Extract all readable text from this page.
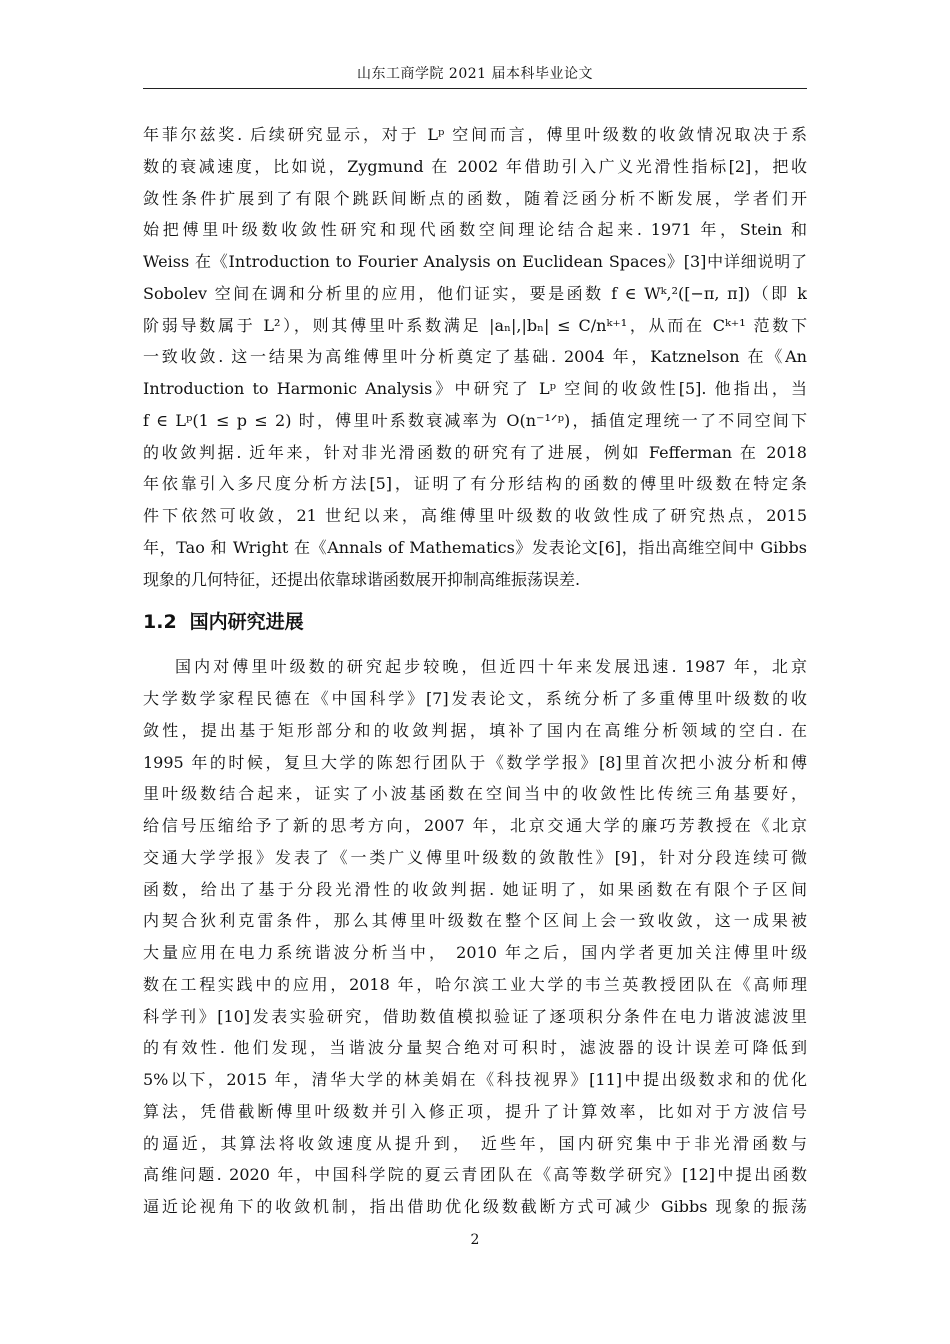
山东工商学院 2021 届本科毕业论文
年菲尔兹奖. 后续研究显示，对于 Lᵖ 空间而言，傅里叶级数的收敛情况取决于系
数的衰减速度，比如说，Zygmund 在 2002 年借助引入广义光滑性指标[2]，把收
敛性条件扩展到了有限个跳跃间断点的函数，随着泛函分析不断发展，学者们开
始把傅里叶级数收敛性研究和现代函数空间理论结合起来. 1971 年，Stein 和
Weiss 在《Introduction to Fourier Analysis on Euclidean Spaces》[3]中详细说明了
Sobolev 空间在调和分析里的应用，他们证实，要是函数 f ∈ Wᵏ,²([−π, π])（即 k
阶弱导数属于 L²），则其傅里叶系数满足 |aₙ|,|bₙ| ≤ C/nᵏ⁺¹，从而在 Cᵏ⁺¹ 范数下
一致收敛. 这一结果为高维傅里叶分析奠定了基础. 2004 年，Katznelson 在《An
Introduction to Harmonic Analysis》中研究了 Lᵖ 空间的收敛性[5]. 他指出，当
f ∈ Lᵖ(1 ≤ p ≤ 2) 时，傅里叶系数衰减率为 O(n⁻¹ᐟᵖ)，插值定理统一了不同空间下
的收敛判据. 近年来，针对非光滑函数的研究有了进展，例如 Fefferman 在 2018
年依靠引入多尺度分析方法[5]，证明了有分形结构的函数的傅里叶级数在特定条
件下依然可收敛，21 世纪以来，高维傅里叶级数的收敛性成了研究热点，2015
年，Tao 和 Wright 在《Annals of Mathematics》发表论文[6]，指出高维空间中 Gibbs
现象的几何特征，还提出依靠球谐函数展开抑制高维振荡误差.
1.2 国内研究进展
国内对傅里叶级数的研究起步较晚，但近四十年来发展迅速. 1987 年，北京
大学数学家程民德在《中国科学》[7]发表论文，系统分析了多重傅里叶级数的收
敛性，提出基于矩形部分和的收敛判据，填补了国内在高维分析领域的空白. 在
1995 年的时候，复旦大学的陈恕行团队于《数学学报》[8]里首次把小波分析和傅
里叶级数结合起来，证实了小波基函数在空间当中的收敛性比传统三角基要好，
给信号压缩给予了新的思考方向，2007 年，北京交通大学的廉巧芳教授在《北京
交通大学学报》发表了《一类广义傅里叶级数的敛散性》[9]，针对分段连续可微
函数，给出了基于分段光滑性的收敛判据. 她证明了，如果函数在有限个子区间
内契合狄利克雷条件，那么其傅里叶级数在整个区间上会一致收敛，这一成果被
大量应用在电力系统谐波分析当中， 2010 年之后，国内学者更加关注傅里叶级
数在工程实践中的应用，2018 年，哈尔滨工业大学的韦兰英教授团队在《高师理
科学刊》[10]发表实验研究，借助数值模拟验证了逐项积分条件在电力谐波滤波里
的有效性. 他们发现，当谐波分量契合绝对可积时，滤波器的设计误差可降低到
5%以下，2015 年，清华大学的林美娟在《科技视界》[11]中提出级数求和的优化
算法，凭借截断傅里叶级数并引入修正项，提升了计算效率，比如对于方波信号
的逼近，其算法将收敛速度从提升到， 近些年，国内研究集中于非光滑函数与
高维问题. 2020 年，中国科学院的夏云青团队在《高等数学研究》[12]中提出函数
逼近论视角下的收敛机制，指出借助优化级数截断方式可减少 Gibbs 现象的振荡
2
